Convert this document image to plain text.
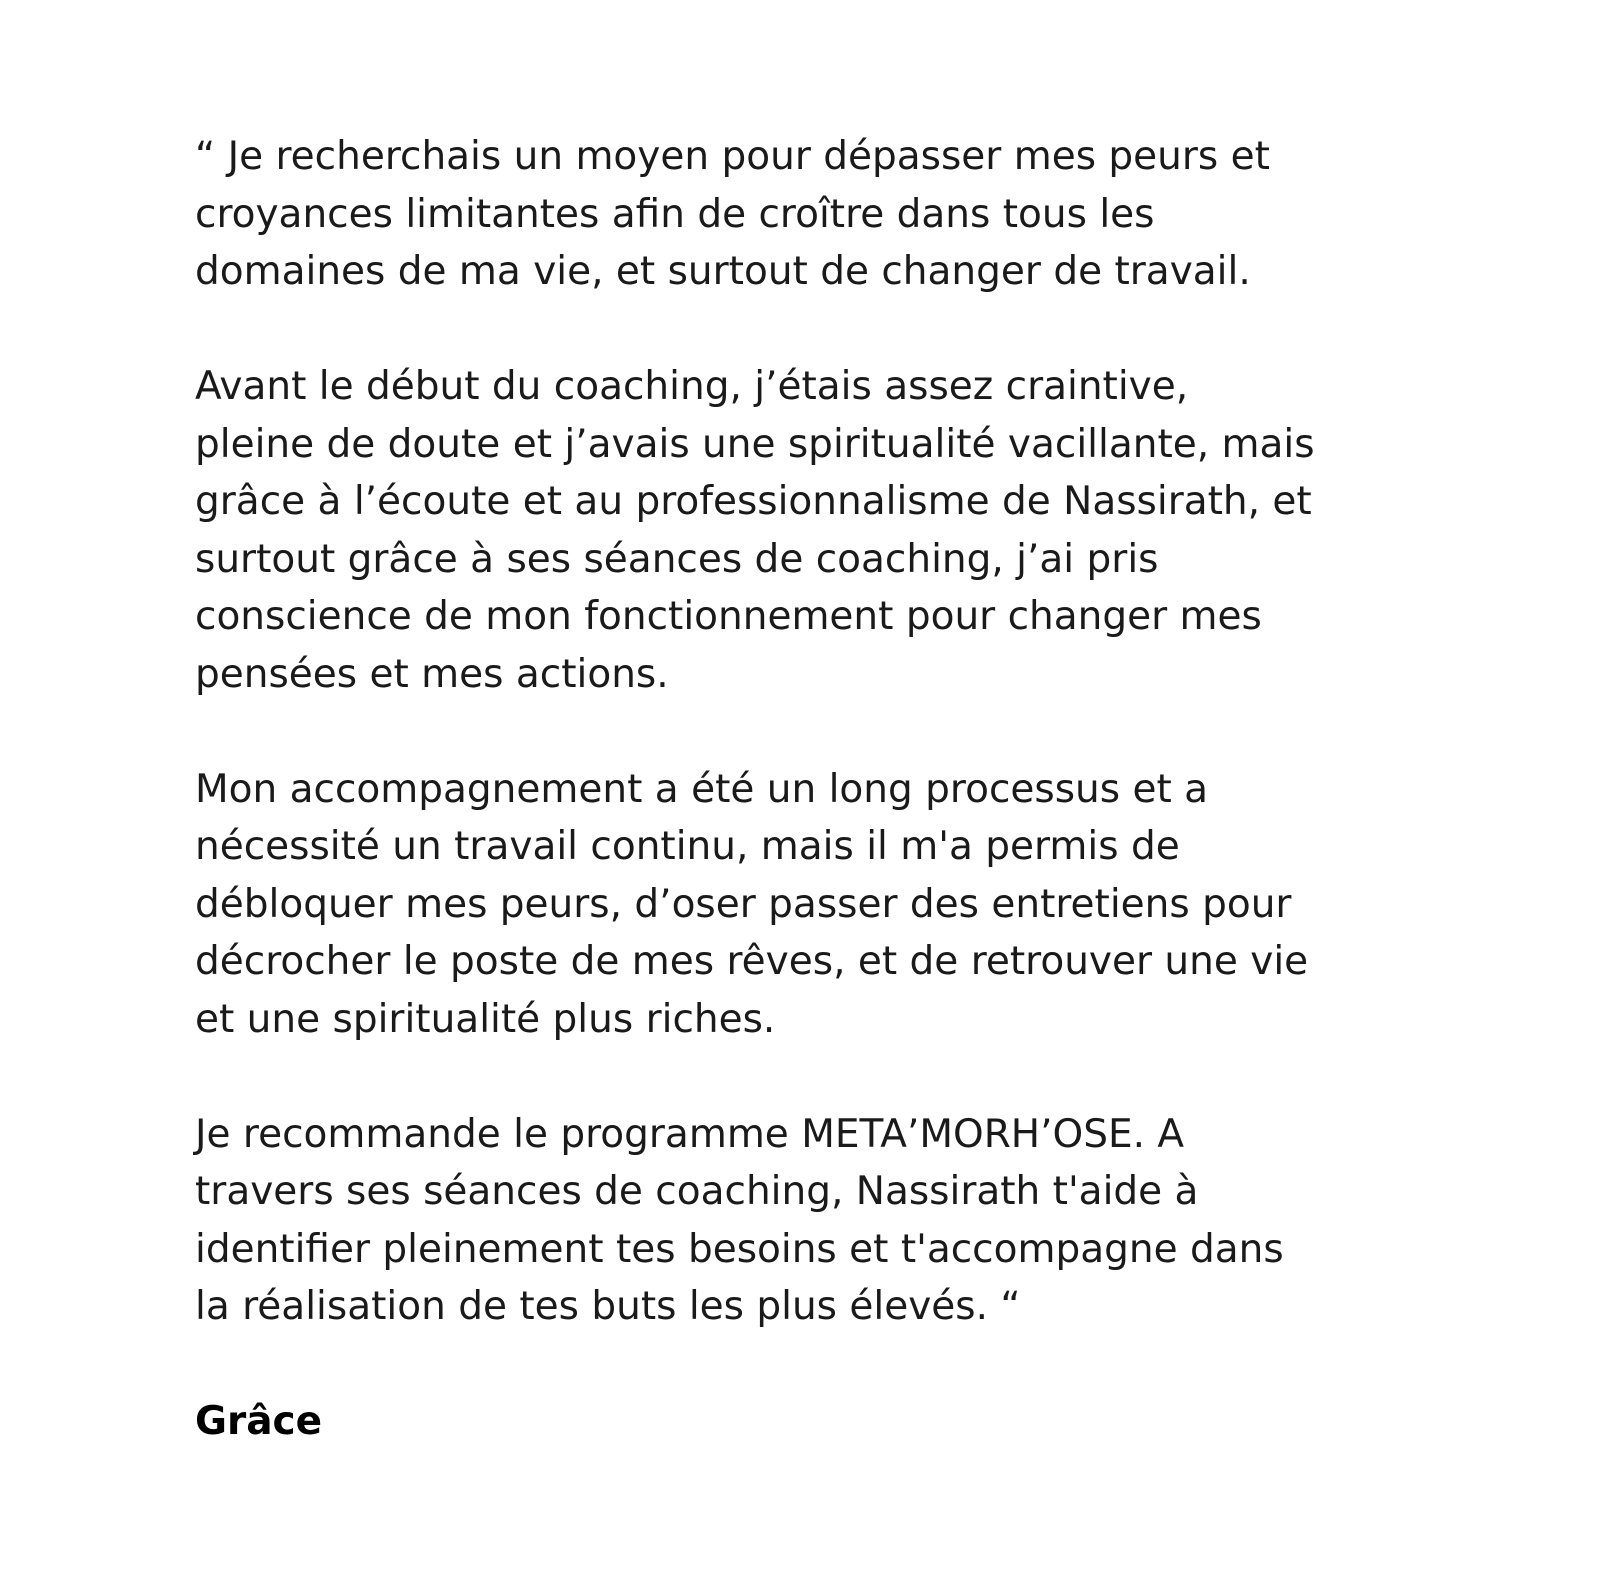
“ Je recherchais un moyen pour dépasser mes peurs et
croyances limitantes afin de croître dans tous les
domaines de ma vie, et surtout de changer de travail.

Avant le début du coaching, j’étais assez craintive,
pleine de doute et j’avais une spiritualité vacillante, mais
grâce à l’écoute et au professionnalisme de Nassirath, et
surtout grâce à ses séances de coaching, j’ai pris
conscience de mon fonctionnement pour changer mes
pensées et mes actions.

Mon accompagnement a été un long processus et a
nécessité un travail continu, mais il m'a permis de
débloquer mes peurs, d’oser passer des entretiens pour
décrocher le poste de mes rêves, et de retrouver une vie
et une spiritualité plus riches.

Je recommande le programme META’MORH’OSE. A
travers ses séances de coaching, Nassirath t'aide à
identifier pleinement tes besoins et t'accompagne dans
la réalisation de tes buts les plus élevés. “

Grâce
